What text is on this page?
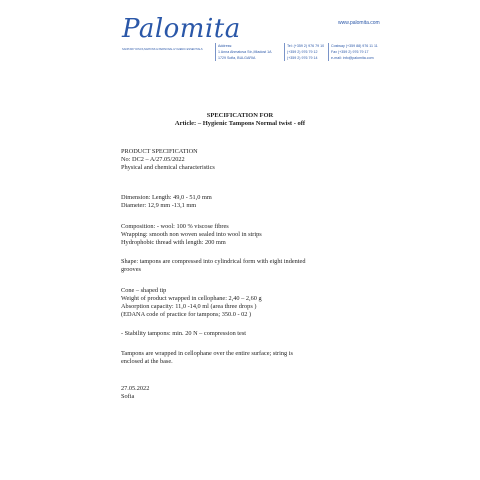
Palomita
SANITARY DISCS,NAPKINS & PERSONAL HYGIENIC ESSENTIALS
www.palomita.com
Address:
1 Anna Ahmatova Str.,Mladost 1A
1729 Sofia, BULGARIA
Tel: (+359 2) 976 79 10
(+359 2) 976 79 12
(+359 2) 976 79 14
Costway (+359 88) 976 11 11
Fax (+359 2) 976 79 17
e-mail: info@palomita.com
SPECIFICATION FOR
Article: – Hygienic Tampons Normal twist - off
PRODUCT SPECIFICATION
No: DC2 – A/27.05/2022
Physical and chemical characteristics
Dimension: Length: 49,0 - 51,0 mm
Diameter: 12,9 mm -13,1 mm
Composition: - wool: 100 % viscose fibres
Wrapping: smooth non woven sealed into wool in strips
Hydrophobic thread with length: 200 mm
Shape: tampons are compressed into cylindrical form with eight indented
grooves
Cone – shaped tip
Weight of product wrapped in cellophane: 2,40 – 2,60 g
Absorption capacity: 11,0 -14,0 ml (area three drops )
(EDANA code of practice for tampons; 350.0 - 02 )
- Stability tampons: min. 20 N – compression test
Tampons are wrapped in cellophane over the entire surface; string is
enclosed at the base.
27.05.2022
Sofia
